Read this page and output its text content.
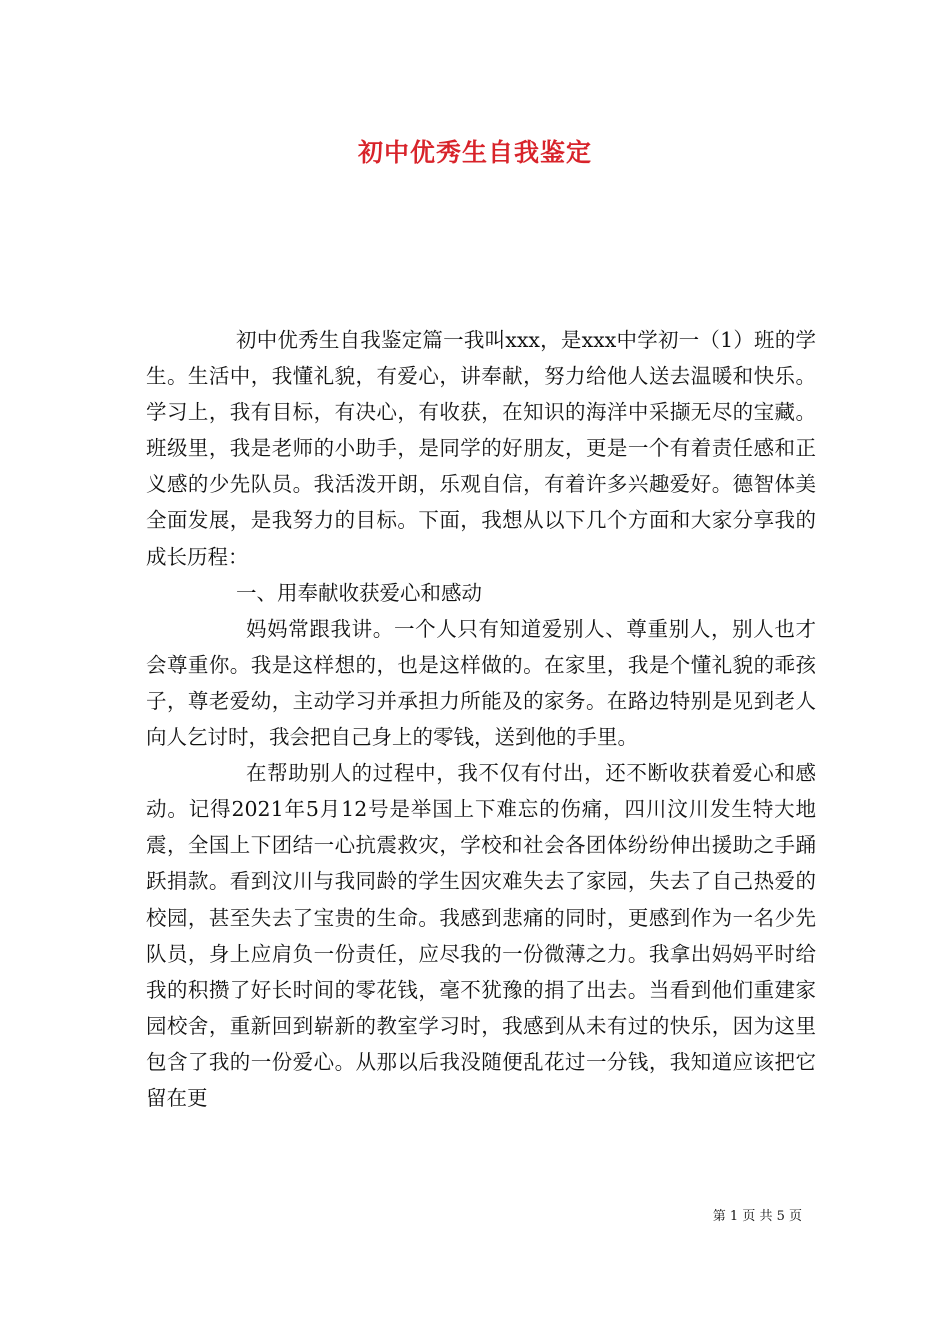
初中优秀生自我鉴定

初中优秀生自我鉴定篇一我叫xxx，是xxx中学初一（1）班的学生。生活中，我懂礼貌，有爱心，讲奉献，努力给他人送去温暖和快乐。学习上，我有目标，有决心，有收获，在知识的海洋中采撷无尽的宝藏。班级里，我是老师的小助手，是同学的好朋友，更是一个有着责任感和正义感的少先队员。我活泼开朗，乐观自信，有着许多兴趣爱好。德智体美全面发展，是我努力的目标。下面，我想从以下几个方面和大家分享我的成长历程：

一、用奉献收获爱心和感动

妈妈常跟我讲。一个人只有知道爱别人、尊重别人，别人也才会尊重你。我是这样想的，也是这样做的。在家里，我是个懂礼貌的乖孩子，尊老爱幼，主动学习并承担力所能及的家务。在路边特别是见到老人向人乞讨时，我会把自己身上的零钱，送到他的手里。

在帮助别人的过程中，我不仅有付出，还不断收获着爱心和感动。记得2021年5月12号是举国上下难忘的伤痛，四川汶川发生特大地震，全国上下团结一心抗震救灾，学校和社会各团体纷纷伸出援助之手踊跃捐款。看到汶川与我同龄的学生因灾难失去了家园，失去了自己热爱的校园，甚至失去了宝贵的生命。我感到悲痛的同时，更感到作为一名少先队员，身上应肩负一份责任，应尽我的一份微薄之力。我拿出妈妈平时给我的积攒了好长时间的零花钱，毫不犹豫的捐了出去。当看到他们重建家园校舍，重新回到崭新的教室学习时，我感到从未有过的快乐，因为这里包含了我的一份爱心。从那以后我没随便乱花过一分钱，我知道应该把它留在更

第 1 页 共 5 页
